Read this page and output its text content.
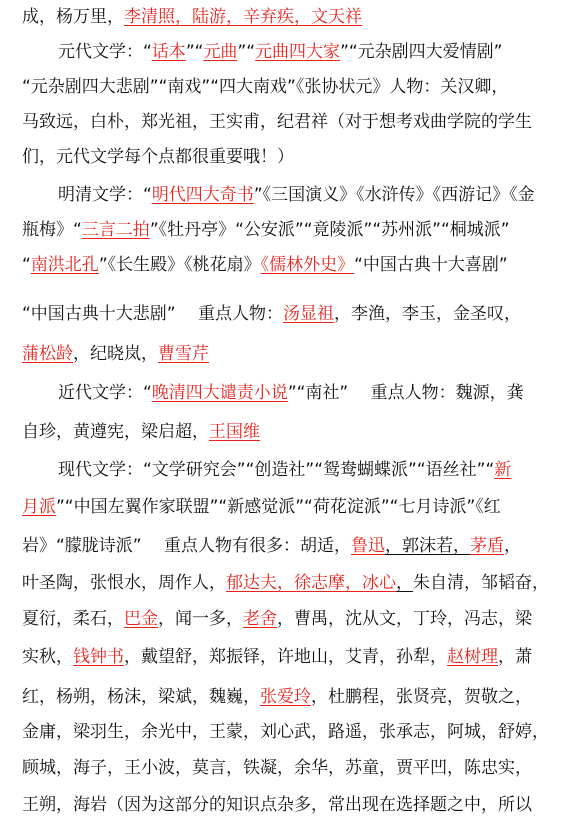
成，杨万里，李清照，陆游，辛弃疾，文天祥
元代文学：“话本”“元曲”“元曲四大家”“元杂剧四大爱情剧”
“元杂剧四大悲剧”“南戏”“四大南戏”《张协状元》人物：关汉卿，
马致远，白朴，郑光祖，王实甫，纪君祥（对于想考戏曲学院的学生
们，元代文学每个点都很重要哦！）
明清文学：“明代四大奇书”《三国演义》《水浒传》《西游记》《金
瓶梅》“三言二拍”《牡丹亭》“公安派”“竟陵派”“苏州派”“桐城派”
“南洪北孔”《长生殿》《桃花扇》《儒林外史》“中国古典十大喜剧”
“中国古典十大悲剧”　 重点人物：汤显祖，李渔，李玉，金圣叹，
蒲松龄，纪晓岚，曹雪芹
近代文学：“晚清四大谴责小说”“南社”　 重点人物：魏源，龚
自珍，黄遵宪，梁启超，王国维
现代文学：“文学研究会”“创造社”“鸳鸯蝴蝶派”“语丝社”“新
月派”“中国左翼作家联盟”“新感觉派”“荷花淀派”“七月诗派”《红
岩》“朦胧诗派”　 重点人物有很多：胡适，鲁迅，郭沫若，茅盾，
叶圣陶，张恨水，周作人，郁达夫，徐志摩，冰心，朱自清，邹韬奋，
夏衍，柔石，巴金，闻一多，老舍，曹禺，沈从文，丁玲，冯志，梁
实秋，钱钟书，戴望舒，郑振铎，许地山，艾青，孙犁，赵树理，萧
红，杨朔，杨沫，梁斌，魏巍，张爱玲，杜鹏程，张贤亮，贺敬之，
金庸，梁羽生，余光中，王蒙，刘心武，路遥，张承志，阿城，舒婷，
顾城，海子，王小波，莫言，铁凝，余华，苏童，贾平凹，陈忠实，
王朔，海岩（因为这部分的知识点杂多，常出现在选择题之中，所以
